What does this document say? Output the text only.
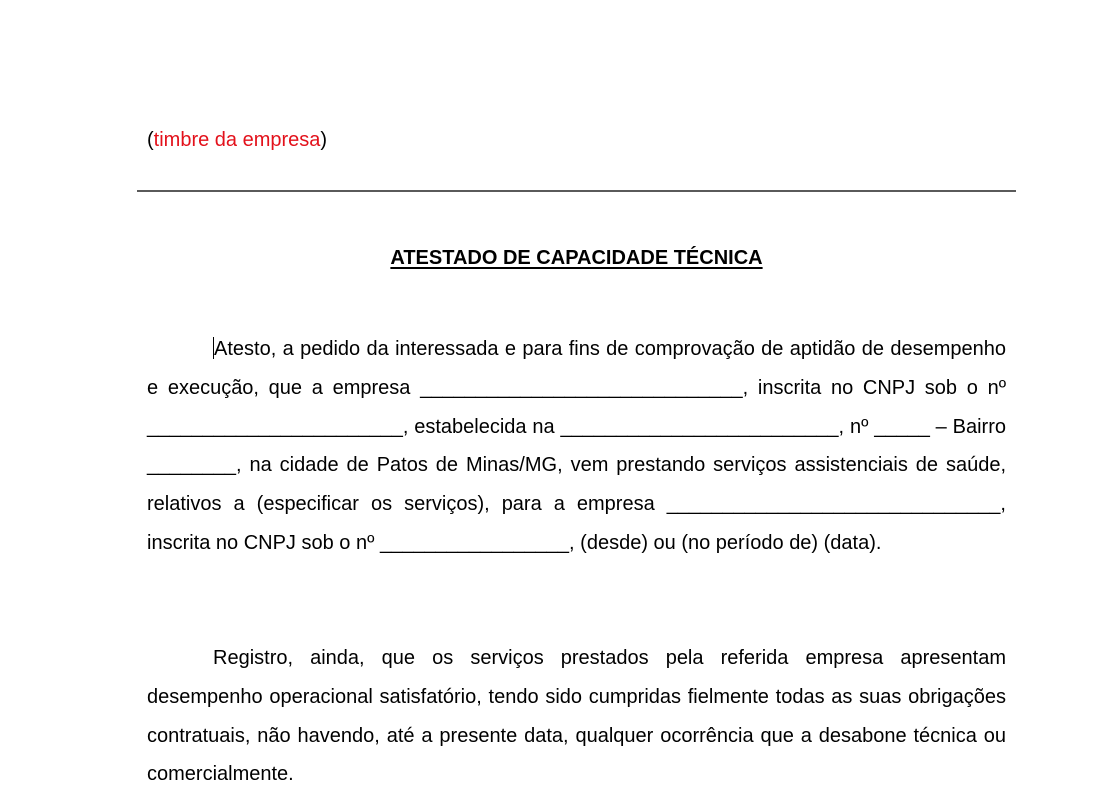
(timbre da empresa)
ATESTADO DE CAPACIDADE TÉCNICA

Atesto, a pedido da interessada e para fins de comprovação de aptidão de desempenho e execução, que a empresa _____________________________, inscrita no CNPJ sob o nº _______________________, estabelecida na _________________________, nº _____ – Bairro ________, na cidade de Patos de Minas/MG, vem prestando serviços assistenciais de saúde, relativos a (especificar os serviços), para a empresa ______________________________, inscrita no CNPJ sob o nº _________________, (desde) ou (no período de) (data).

Registro, ainda, que os serviços prestados pela referida empresa apresentam desempenho operacional satisfatório, tendo sido cumpridas fielmente todas as suas obrigações contratuais, não havendo, até a presente data, qualquer ocorrência que a desabone técnica ou comercialmente.
